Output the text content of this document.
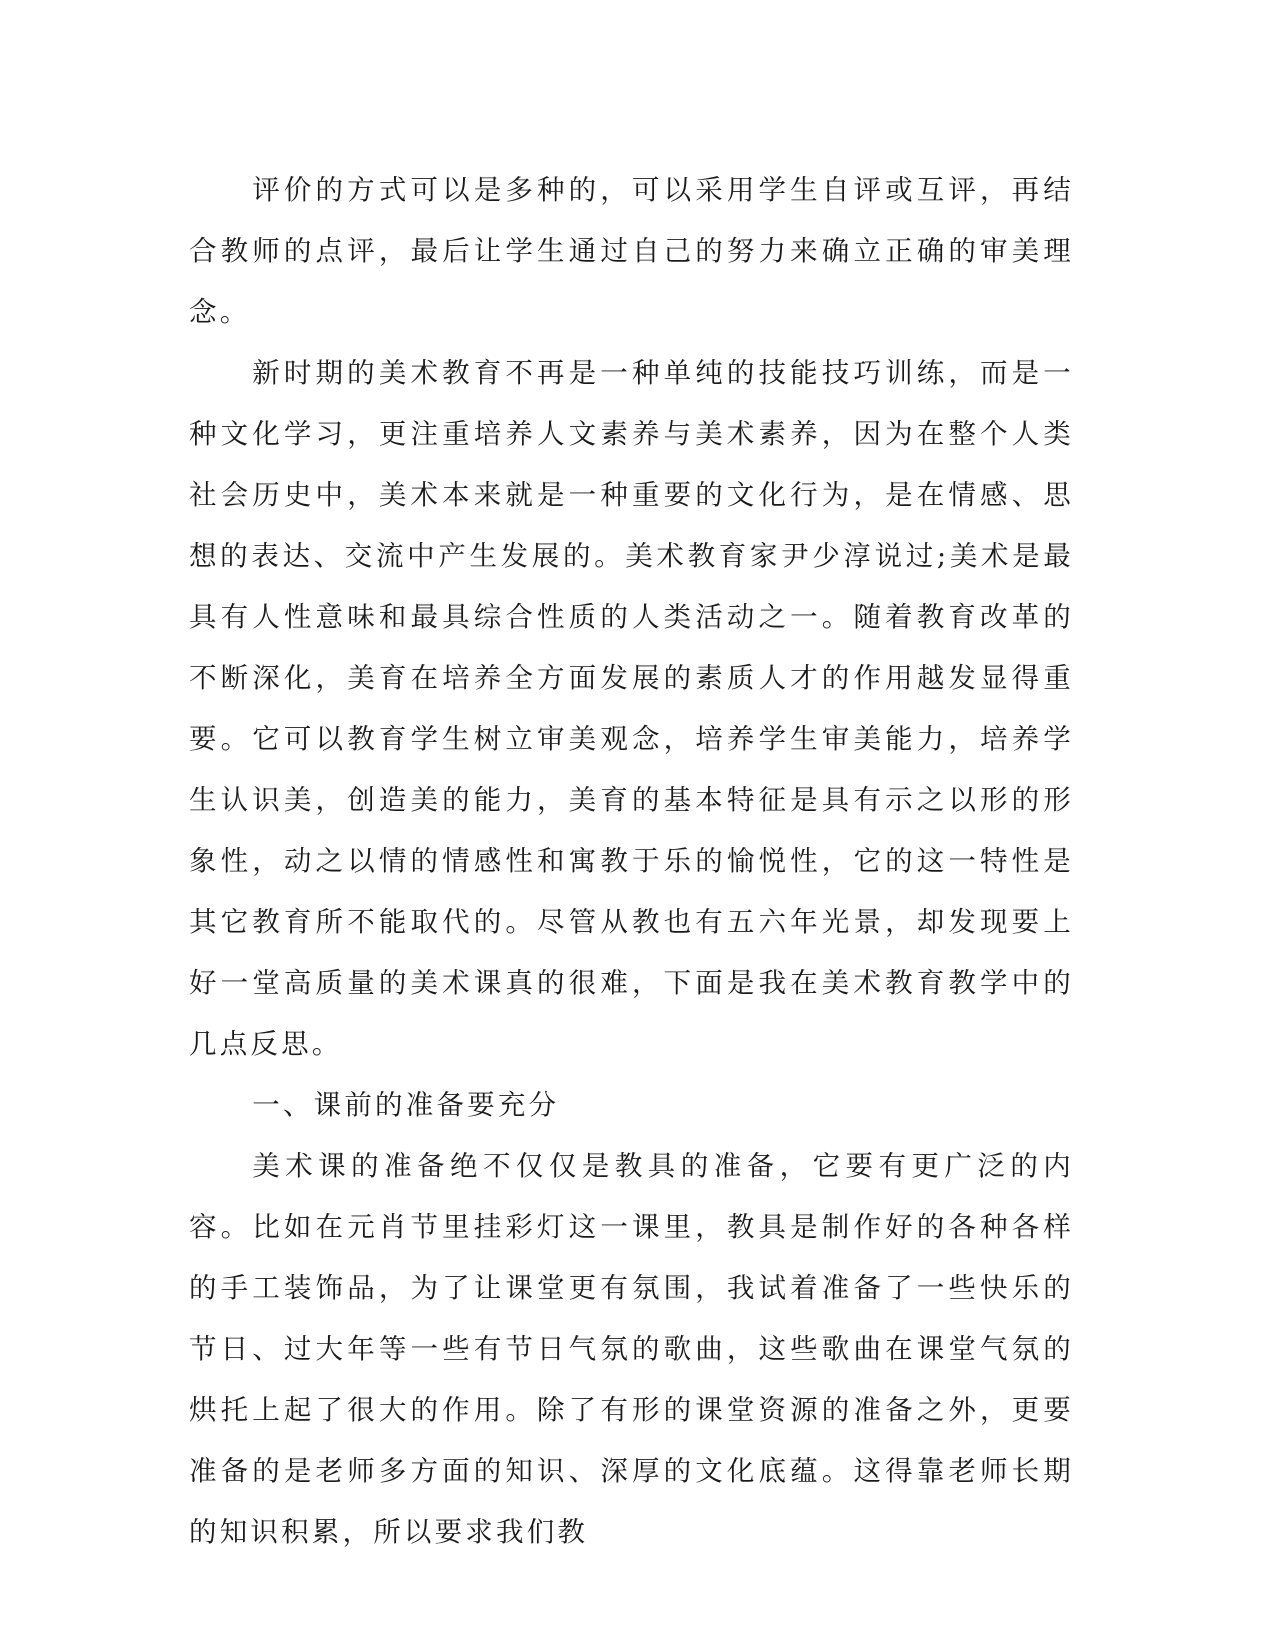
评价的方式可以是多种的，可以采用学生自评或互评，再结合教师的点评，最后让学生通过自己的努力来确立正确的审美理念。

新时期的美术教育不再是一种单纯的技能技巧训练，而是一种文化学习，更注重培养人文素养与美术素养，因为在整个人类社会历史中，美术本来就是一种重要的文化行为，是在情感、思想的表达、交流中产生发展的。美术教育家尹少淳说过;美术是最具有人性意味和最具综合性质的人类活动之一。随着教育改革的不断深化，美育在培养全方面发展的素质人才的作用越发显得重要。它可以教育学生树立审美观念，培养学生审美能力，培养学生认识美，创造美的能力，美育的基本特征是具有示之以形的形象性，动之以情的情感性和寓教于乐的愉悦性，它的这一特性是其它教育所不能取代的。尽管从教也有五六年光景，却发现要上好一堂高质量的美术课真的很难，下面是我在美术教育教学中的几点反思。

一、课前的准备要充分

美术课的准备绝不仅仅是教具的准备，它要有更广泛的内容。比如在元肖节里挂彩灯这一课里，教具是制作好的各种各样的手工装饰品，为了让课堂更有氛围，我试着准备了一些快乐的节日、过大年等一些有节日气氛的歌曲，这些歌曲在课堂气氛的烘托上起了很大的作用。除了有形的课堂资源的准备之外，更要准备的是老师多方面的知识、深厚的文化底蕴。这得靠老师长期的知识积累，所以要求我们教
